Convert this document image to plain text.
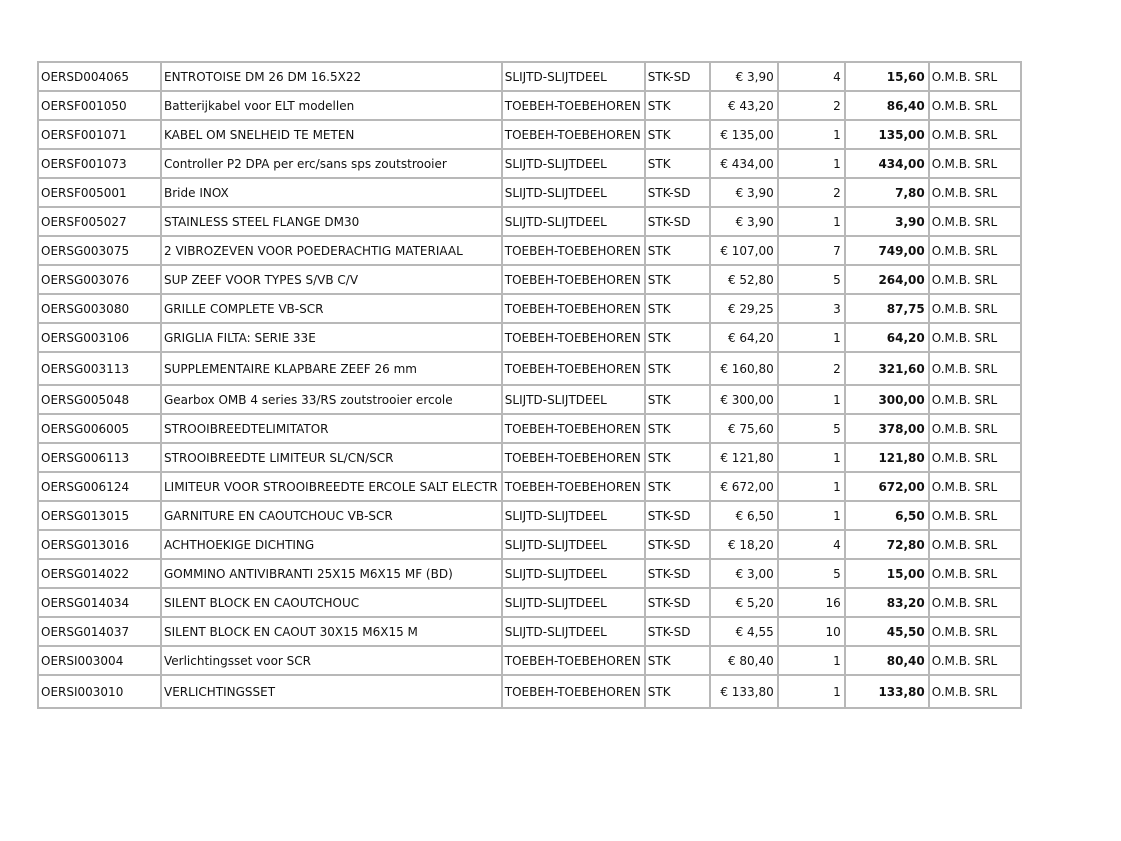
OERSD004065	ENTROTOISE DM 26 DM 16.5X22	SLIJTD-SLIJTDEEL	STK-SD	€ 3,90	4	15,60	O.M.B. SRL
OERSF001050	Batterijkabel voor ELT modellen	TOEBEH-TOEBEHOREN	STK	€ 43,20	2	86,40	O.M.B. SRL
OERSF001071	KABEL OM SNELHEID TE METEN	TOEBEH-TOEBEHOREN	STK	€ 135,00	1	135,00	O.M.B. SRL
OERSF001073	Controller P2 DPA per erc/sans sps zoutstrooier	SLIJTD-SLIJTDEEL	STK	€ 434,00	1	434,00	O.M.B. SRL
OERSF005001	Bride INOX	SLIJTD-SLIJTDEEL	STK-SD	€ 3,90	2	7,80	O.M.B. SRL
OERSF005027	STAINLESS STEEL FLANGE DM30	SLIJTD-SLIJTDEEL	STK-SD	€ 3,90	1	3,90	O.M.B. SRL
OERSG003075	2 VIBROZEVEN VOOR POEDERACHTIG MATERIAAL	TOEBEH-TOEBEHOREN	STK	€ 107,00	7	749,00	O.M.B. SRL
OERSG003076	SUP ZEEF VOOR TYPES S/VB C/V	TOEBEH-TOEBEHOREN	STK	€ 52,80	5	264,00	O.M.B. SRL
OERSG003080	GRILLE COMPLETE VB-SCR	TOEBEH-TOEBEHOREN	STK	€ 29,25	3	87,75	O.M.B. SRL
OERSG003106	GRIGLIA FILTA: SERIE 33E	TOEBEH-TOEBEHOREN	STK	€ 64,20	1	64,20	O.M.B. SRL
OERSG003113	SUPPLEMENTAIRE KLAPBARE ZEEF 26 mm	TOEBEH-TOEBEHOREN	STK	€ 160,80	2	321,60	O.M.B. SRL
OERSG005048	Gearbox OMB 4 series 33/RS zoutstrooier ercole	SLIJTD-SLIJTDEEL	STK	€ 300,00	1	300,00	O.M.B. SRL
OERSG006005	STROOIBREEDTELIMITATOR	TOEBEH-TOEBEHOREN	STK	€ 75,60	5	378,00	O.M.B. SRL
OERSG006113	STROOIBREEDTE LIMITEUR SL/CN/SCR	TOEBEH-TOEBEHOREN	STK	€ 121,80	1	121,80	O.M.B. SRL
OERSG006124	LIMITEUR VOOR STROOIBREEDTE ERCOLE SALT ELECTR	TOEBEH-TOEBEHOREN	STK	€ 672,00	1	672,00	O.M.B. SRL
OERSG013015	GARNITURE EN CAOUTCHOUC VB-SCR	SLIJTD-SLIJTDEEL	STK-SD	€ 6,50	1	6,50	O.M.B. SRL
OERSG013016	ACHTHOEKIGE DICHTING	SLIJTD-SLIJTDEEL	STK-SD	€ 18,20	4	72,80	O.M.B. SRL
OERSG014022	GOMMINO ANTIVIBRANTI 25X15 M6X15 MF (BD)	SLIJTD-SLIJTDEEL	STK-SD	€ 3,00	5	15,00	O.M.B. SRL
OERSG014034	SILENT BLOCK EN CAOUTCHOUC	SLIJTD-SLIJTDEEL	STK-SD	€ 5,20	16	83,20	O.M.B. SRL
OERSG014037	SILENT BLOCK EN CAOUT 30X15 M6X15 M	SLIJTD-SLIJTDEEL	STK-SD	€ 4,55	10	45,50	O.M.B. SRL
OERSI003004	Verlichtingsset voor SCR	TOEBEH-TOEBEHOREN	STK	€ 80,40	1	80,40	O.M.B. SRL
OERSI003010	VERLICHTINGSSET	TOEBEH-TOEBEHOREN	STK	€ 133,80	1	133,80	O.M.B. SRL
